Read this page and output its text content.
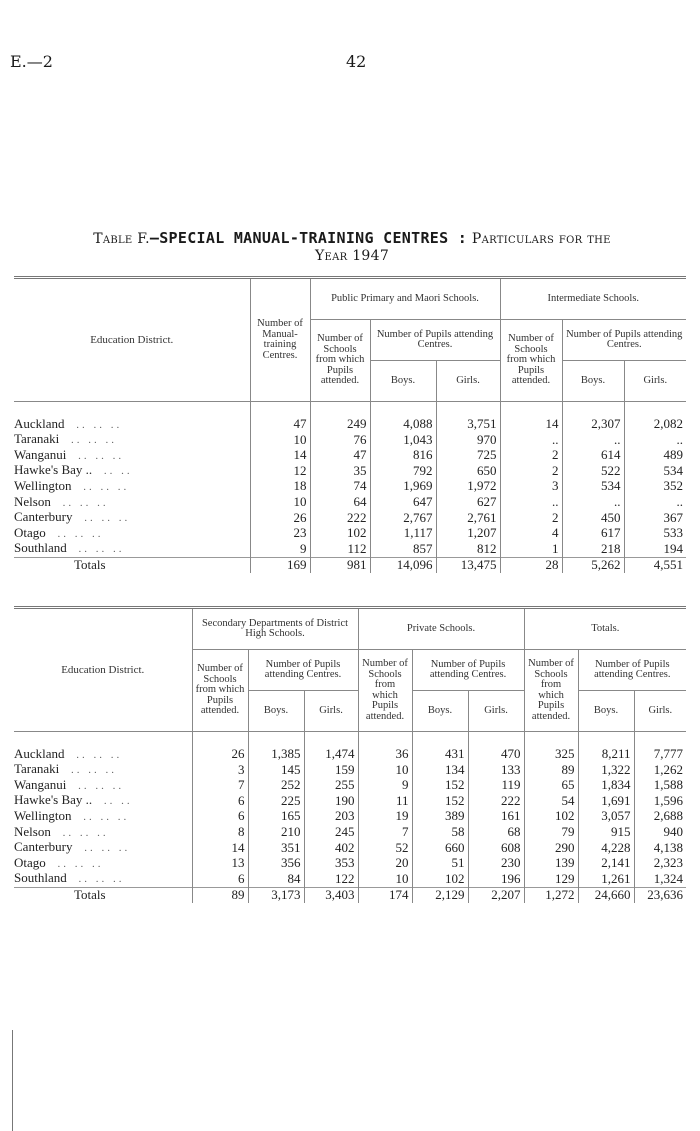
E.—2	42
Table F.—SPECIAL MANUAL-TRAINING CENTRES : Particulars for the
Year 1947
Education District.	Number of Manual-training Centres.	Public Primary and Maori Schools.			Intermediate Schools.		
		Number of Schools from which Pupils attended.	Number of Pupils attending Centres.		Number of Schools from which Pupils attended.	Number of Pupils attending Centres.	
			Boys.	Girls.		Boys.	Girls.

Auckland .. .. ..	47	249	4,088	3,751	14	2,307	2,082
Taranaki .. .. ..	10	76	1,043	970	..	..	..
Wanganui .. .. ..	14	47	816	725	2	614	489
Hawke's Bay .. .. ..	12	35	792	650	2	522	534
Wellington .. .. ..	18	74	1,969	1,972	3	534	352
Nelson .. .. ..	10	64	647	627	..	..	..
Canterbury .. .. ..	26	222	2,767	2,761	2	450	367
Otago .. .. ..	23	102	1,117	1,207	4	617	533
Southland .. .. ..	9	112	857	812	1	218	194
Totals	169	981	14,096	13,475	28	5,262	4,551
Education District.	Secondary Departments of District High Schools.			Private Schools.			Totals.		
	Number of Schools from which Pupils attended.	Number of Pupils attending Centres.		Number of Schools from which Pupils attended.	Number of Pupils attending Centres.		Number of Schools from which Pupils attended.	Number of Pupils attending Centres.	
		Boys.	Girls.		Boys.	Girls.		Boys.	Girls.

Auckland .. .. ..	26	1,385	1,474	36	431	470	325	8,211	7,777
Taranaki .. .. ..	3	145	159	10	134	133	89	1,322	1,262
Wanganui .. .. ..	7	252	255	9	152	119	65	1,834	1,588
Hawke's Bay .. .. ..	6	225	190	11	152	222	54	1,691	1,596
Wellington .. .. ..	6	165	203	19	389	161	102	3,057	2,688
Nelson .. .. ..	8	210	245	7	58	68	79	915	940
Canterbury .. .. ..	14	351	402	52	660	608	290	4,228	4,138
Otago .. .. ..	13	356	353	20	51	230	139	2,141	2,323
Southland .. .. ..	6	84	122	10	102	196	129	1,261	1,324
Totals	89	3,173	3,403	174	2,129	2,207	1,272	24,660	23,636
